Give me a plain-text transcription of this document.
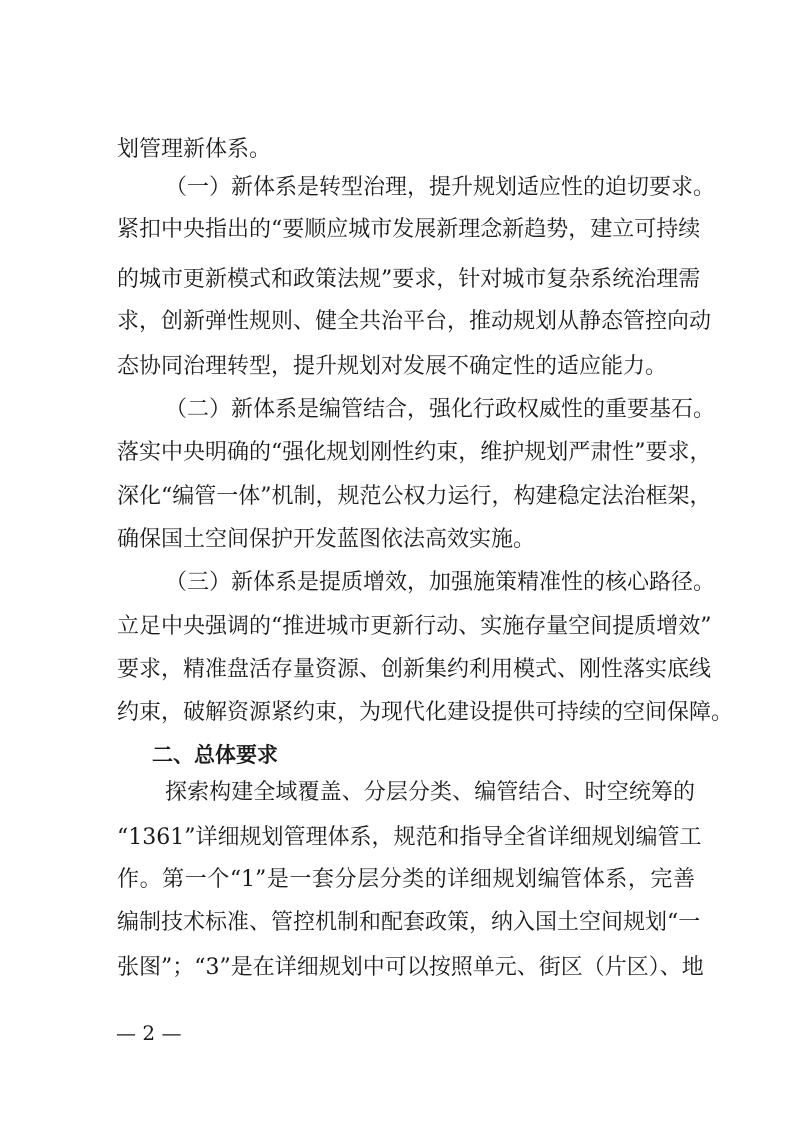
划管理新体系。
（一）新体系是转型治理，提升规划适应性的迫切要求。
紧扣中央指出的“要顺应城市发展新理念新趋势，建立可持续
的城市更新模式和政策法规”要求，针对城市复杂系统治理需
求，创新弹性规则、健全共治平台，推动规划从静态管控向动
态协同治理转型，提升规划对发展不确定性的适应能力。
（二）新体系是编管结合，强化行政权威性的重要基石。
落实中央明确的“强化规划刚性约束，维护规划严肃性”要求，
深化“编管一体”机制，规范公权力运行，构建稳定法治框架，
确保国土空间保护开发蓝图依法高效实施。
（三）新体系是提质增效，加强施策精准性的核心路径。
立足中央强调的“推进城市更新行动、实施存量空间提质增效”
要求，精准盘活存量资源、创新集约利用模式、刚性落实底线
约束，破解资源紧约束，为现代化建设提供可持续的空间保障。
二、总体要求
探索构建全域覆盖、分层分类、编管结合、时空统筹的
“1361”详细规划管理体系，规范和指导全省详细规划编管工
作。第一个“1”是一套分层分类的详细规划编管体系，完善
编制技术标准、管控机制和配套政策，纳入国土空间规划“一
张图”；“3”是在详细规划中可以按照单元、街区（片区）、地
— 2 —
